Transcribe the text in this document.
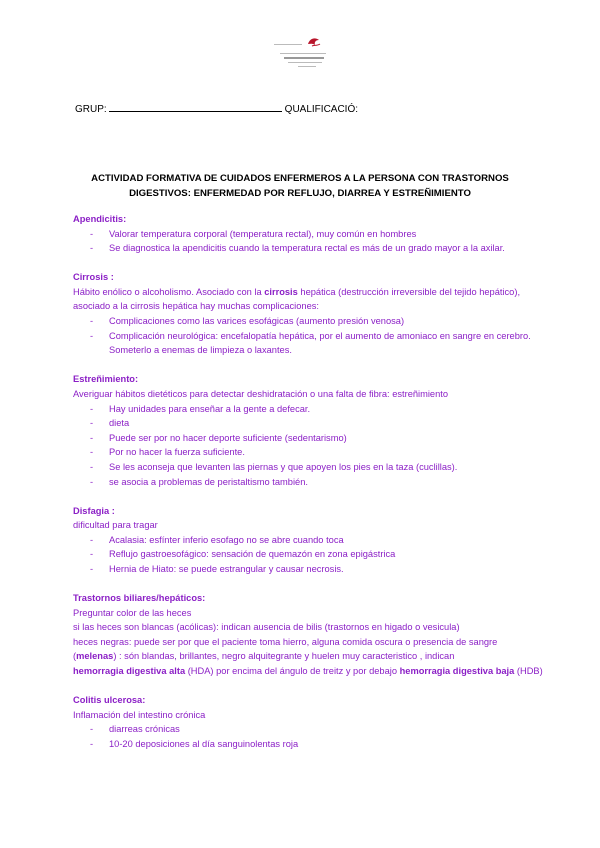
GRUP:	QUALIFICACIÓ:
ACTIVIDAD FORMATIVA DE CUIDADOS ENFERMEROS A LA PERSONA CON TRASTORNOS
DIGESTIVOS: ENFERMEDAD POR REFLUJO, DIARREA Y ESTREÑIMIENTO

Apendicitis:

- Valorar temperatura corporal (temperatura rectal), muy común en hombres
- Se diagnostica la apendicitis cuando la temperatura rectal es más de un grado mayor a la axilar.

Cirrosis :

Hábito enólico o alcoholismo. Asociado con la cirrosis hepática (destrucción irreversible del tejido hepático), asociado a la cirrosis hepática hay muchas complicaciones:

- Complicaciones como las varices esofágicas (aumento presión venosa)
- Complicación neurológica: encefalopatía hepática, por el aumento de amoniaco en sangre en cerebro. Someterlo a enemas de limpieza o laxantes.

Estreñimiento:

Averiguar hábitos dietéticos para detectar deshidratación o una falta de fibra: estreñimiento

- Hay unidades para enseñar a la gente a defecar.
- dieta
- Puede ser por no hacer deporte suficiente (sedentarismo)
- Por no hacer la fuerza suficiente.
- Se les aconseja que levanten las piernas y que apoyen los pies en la taza (cuclillas).
- se asocia a problemas de peristaltismo también.

Disfagia :

dificultad para tragar

- Acalasia: esfínter inferio esofago no se abre cuando toca
- Reflujo gastroesofágico: sensación de quemazón en zona epigástrica
- Hernia de Hiato: se puede estrangular y causar necrosis.

Trastornos biliares/hepáticos:

Preguntar color de las heces

si las heces son blancas (acólicas): indican ausencia de bilis (trastornos en higado o vesicula)

heces negras: puede ser por que el paciente toma hierro, alguna comida oscura o presencia de sangre (melenas) : són blandas, brillantes, negro alquitegrante y huelen muy caracteristico , indican

hemorragia digestiva alta (HDA) por encima del ángulo de treitz y por debajo hemorragia digestiva baja (HDB)

Colitis ulcerosa:

Inflamación del intestino crónica

- diarreas crónicas
- 10-20 deposiciones al día sanguinolentas roja
